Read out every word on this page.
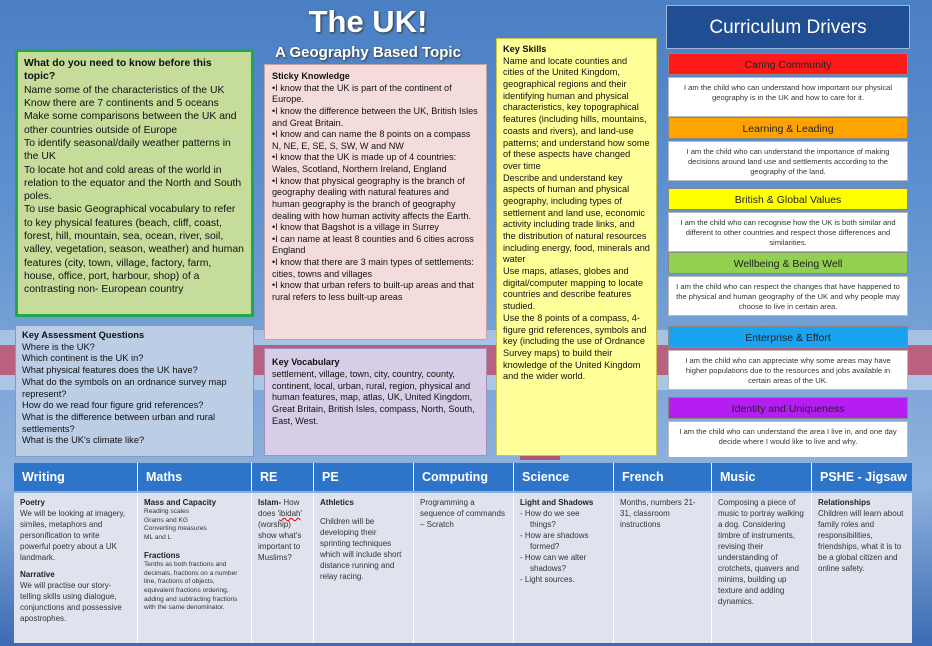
The UK!
A Geography Based Topic

What do you need to know before this topic?

Name some of the characteristics of the UK

Know there are 7 continents and 5 oceans

Make some comparisons between the UK and other countries outside of Europe

To identify seasonal/daily weather patterns in the UK

To locate hot and cold areas of the world in relation to the equator and the North and South poles.

To use basic Geographical vocabulary to refer to key physical features (beach, cliff, coast, forest, hill, mountain, sea, ocean, river, soil, valley, vegetation, season, weather) and human features (city, town, village, factory, farm, house, office, port, harbour, shop) of a contrasting non- European country

Key Assessment Questions

Where is the UK?

Which continent is the UK in?

What physical features does the UK have?

What do the symbols on an ordnance survey map represent?

How do we read four figure grid references?

What is the difference between urban and rural settlements?

What is the UK's climate like?

Sticky Knowledge

•I know that the UK is part of the continent of Europe.

•I know the difference between the UK, British Isles and Great Britain.

•I know and can name the 8 points on a compass N, NE, E, SE, S, SW, W and NW

•I know that the UK is made up of 4 countries: Wales, Scotland, Northern Ireland, England

•I know that physical geography is the branch of geography dealing with natural features and human geography is the branch of geography dealing with how human activity affects the Earth.

•I know that Bagshot is a village in Surrey

•I can name at least 8 counties and 6 cities across England

•I know that there are 3 main types of settlements: cities, towns and villages

•I know that urban refers to built-up areas and that rural refers to less built-up areas

Key Vocabulary

settlement, village, town, city, country, county, continent, local, urban, rural, region, physical and human features, map, atlas, UK, United Kingdom, Great Britain, British Isles, compass, North, South, East, West.

Key Skills

Name and locate counties and cities of the United Kingdom, geographical regions and their identifying human and physical characteristics, key topographical features (including hills, mountains, coasts and rivers), and land-use patterns; and understand how some of these aspects have changed over time

Describe and understand key aspects of human and physical geography, including types of settlement and land use, economic activity including trade links, and the distribution of natural resources including energy, food, minerals and water

Use maps, atlases, globes and digital/computer mapping to locate countries and describe features studied.

Use the 8 points of a compass, 4-figure grid references, symbols and key (including the use of Ordnance Survey maps) to build their knowledge of the United Kingdom and the wider world.

Curriculum Drivers
Caring Community
I am the child who can understand how important our physical geography is in the UK and how to care for it.
Learning & Leading
I am the child who can understand the importance of making decisions around land use and settlements according to the geography of the land.
British & Global Values
I am the child who can recognise how the UK is both similar and different to other countries and respect those differences and similarities.
Wellbeing & Being Well
I am the child who can respect the changes that have happened to the physical and human geography of the UK and why people may choose to live in certain area.
Enterprise & Effort
I am the child who can appreciate why some areas may have higher populations due to the resources and jobs available in certain areas of the UK.
Identity and Uniqueness
I am the child who can understand the area I live in, and one day decide where I would like to live and why.
Writing

Poetry

We will be looking at imagery, similes, metaphors and personification to write powerful poetry about a UK landmark.

Narrative

We will practise our story-telling skills using dialogue, conjunctions and possessive apostrophes.

Maths

Mass and Capacity

Reading scales

Grams and KG

Converting measures

ML and L

Fractions

Tenths as both fractions and decimals, fractions on a number line, fractions of objects, equivalent fractions ordering, adding and subtracting fractions with the same denominator.

RE

Islam- How does 'ibidah' (worship) show what's important to Muslims?

PE

Athletics

Children will be developing their sprinting techniques which will include short distance running and relay racing.

Computing

Programming a sequence of commands – Scratch

Science

Light and Shadows

- How do we see things?

- How are shadows formed?

- How can we alter shadows?

- Light sources.

French

Months, numbers 21-31, classroom instructions

Music

Composing a piece of music to portray walking a dog. Considering timbre of instruments, revising their understanding of crotchets, quavers and minims, building up texture and adding dynamics.

PSHE - Jigsaw

Relationships

Children will learn about family roles and responsibilities, friendships, what it is to be a global citizen and online safety.
